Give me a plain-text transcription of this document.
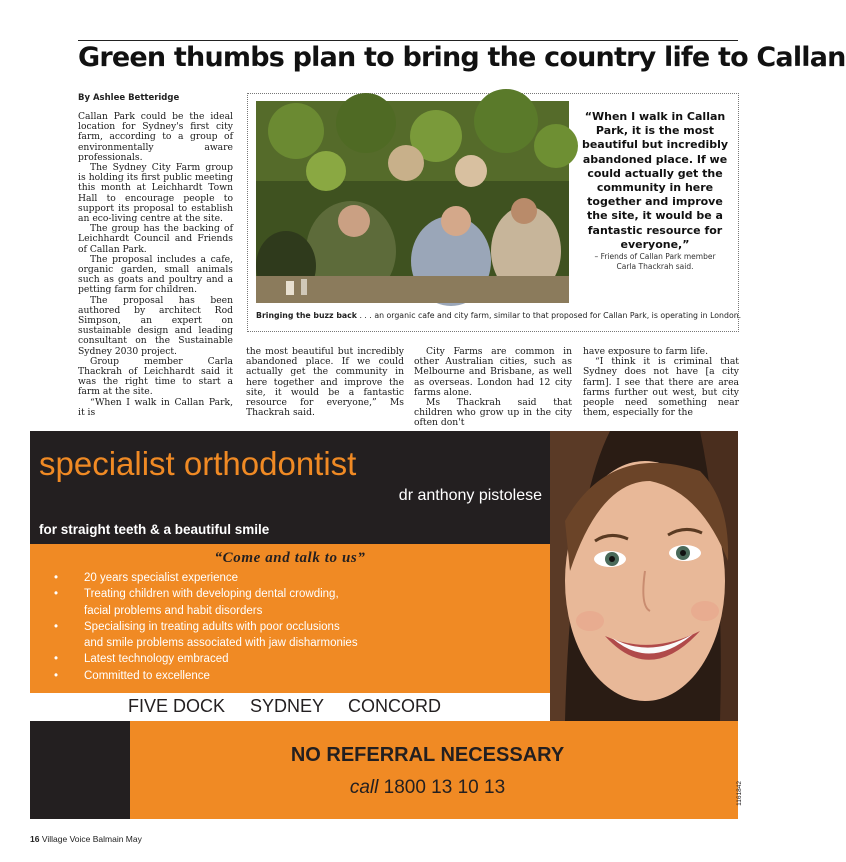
Green thumbs plan to bring the country life to Callan
By Ashlee Betteridge

Callan Park could be the ideal location for Sydney's first city farm, according to a group of environmentally aware professionals.

The Sydney City Farm group is holding its first public meeting this month at Leichhardt Town Hall to encourage people to support its proposal to establish an eco-living centre at the site.

The group has the backing of Leichhardt Council and Friends of Callan Park.

The proposal includes a cafe, organic garden, small animals such as goats and poultry and a petting farm for children.

The proposal has been authored by architect Rod Simpson, an expert on sustainable design and leading consultant on the Sustainable Sydney 2030 project.

Group member Carla Thackrah of Leichhardt said it was the right time to start a farm at the site.

“When I walk in Callan Park, it is

Bringing the buzz back . . . an organic cafe and city farm, similar to that proposed for Callan Park, is operating in London.
“When I walk in Callan Park, it is the most beautiful but incredibly abandoned place. If we could actually get the community in here together and improve the site, it would be a fantastic resource for everyone,”
– Friends of Callan Park member
Carla Thackrah said.

the most beautiful but incredibly abandoned place. If we could actually get the community in here together and improve the site, it would be a fantastic resource for everyone,” Ms Thackrah said.

City Farms are common in other Australian cities, such as Melbourne and Brisbane, as well as overseas. London had 12 city farms alone.

Ms Thackrah said that children who grow up in the city often don't

have exposure to farm life.

“I think it is criminal that Sydney does not have [a city farm]. I see that there are area farms further out west, but city people need something near them, especially for the

specialist orthodontist
dr anthony pistolese
for straight teeth & a beautiful smile
“Come and talk to us”
• 20 years specialist experience
• Treating children with developing dental crowding,
facial problems and habit disorders
• Specialising in treating adults with poor occlusions
and smile problems associated with jaw disharmonies
• Latest technology embraced
• Committed to excellence
FIVE DOCK SYDNEY CONCORD
NO REFERRAL NECESSARY
call 1800 13 10 13	1161842
16 Village Voice Balmain May
